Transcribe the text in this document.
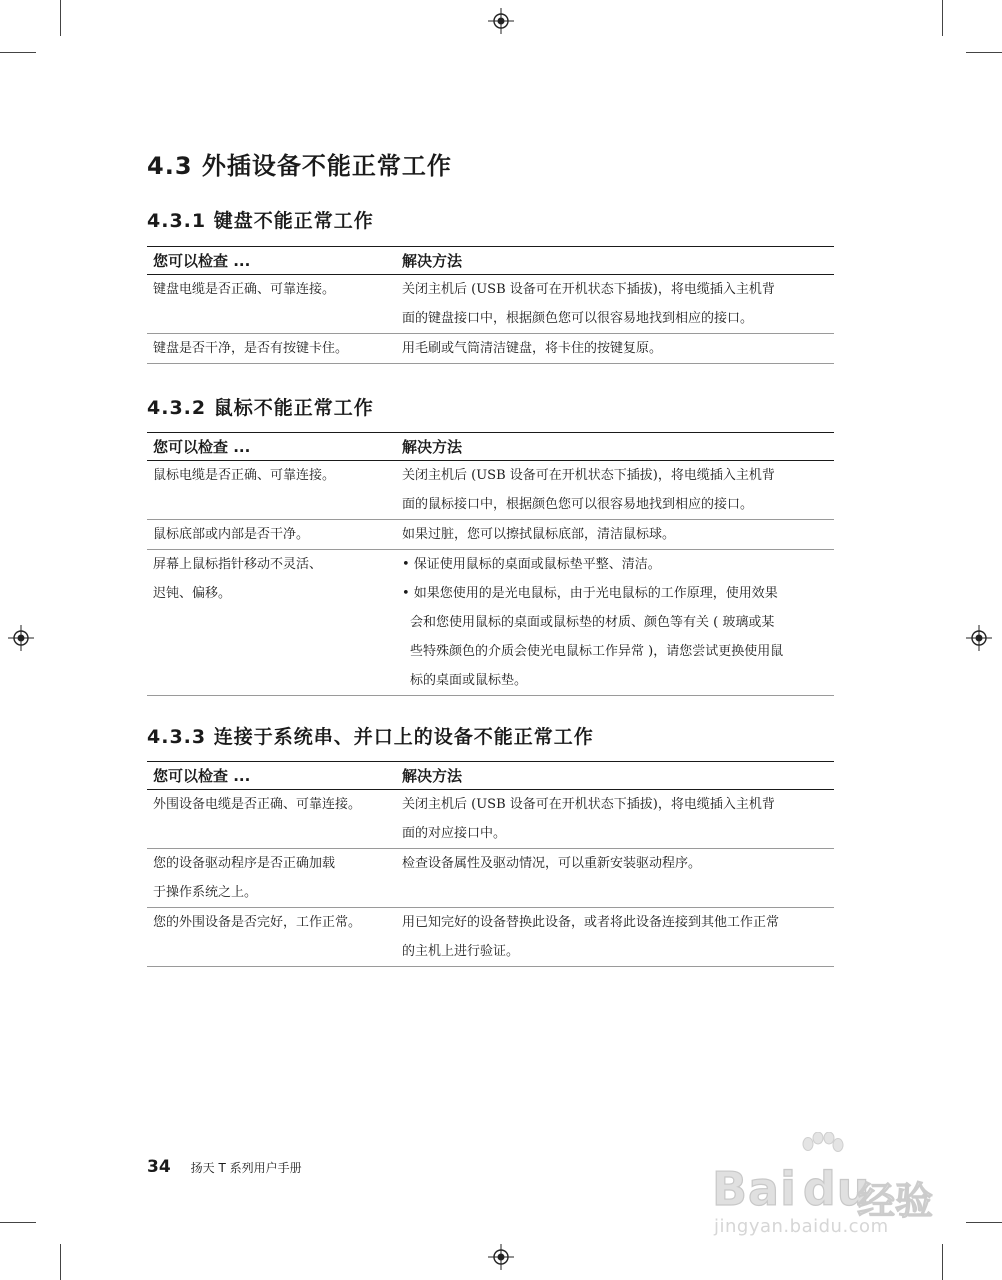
4.3 外插设备不能正常工作
4.3.1 键盘不能正常工作
您可以检查 ...	解决方法

键盘电缆是否正确、可靠连接。	关闭主机后 (USB 设备可在开机状态下插拔)，将电缆插入主机背
面的键盘接口中，根据颜色您可以很容易地找到相应的接口。

键盘是否干净，是否有按键卡住。	用毛刷或气筒清洁键盘，将卡住的按键复原。
4.3.2 鼠标不能正常工作
您可以检查 ...	解决方法

鼠标电缆是否正确、可靠连接。	关闭主机后 (USB 设备可在开机状态下插拔)，将电缆插入主机背
面的鼠标接口中，根据颜色您可以很容易地找到相应的接口。

鼠标底部或内部是否干净。	如果过脏，您可以擦拭鼠标底部，清洁鼠标球。

屏幕上鼠标指针移动不灵活、
迟钝、偏移。	• 保证使用鼠标的桌面或鼠标垫平整、清洁。
• 如果您使用的是光电鼠标，由于光电鼠标的工作原理，使用效果
会和您使用鼠标的桌面或鼠标垫的材质、颜色等有关 ( 玻璃或某
些特殊颜色的介质会使光电鼠标工作异常 )，请您尝试更换使用鼠
标的桌面或鼠标垫。
4.3.3 连接于系统串、并口上的设备不能正常工作
您可以检查 ...	解决方法

外围设备电缆是否正确、可靠连接。	关闭主机后 (USB 设备可在开机状态下插拔)，将电缆插入主机背
面的对应接口中。

您的设备驱动程序是否正确加载
于操作系统之上。	检查设备属性及驱动情况，可以重新安装驱动程序。

您的外围设备是否完好，工作正常。	用已知完好的设备替换此设备，或者将此设备连接到其他工作正常
的主机上进行验证。
34 扬天 T 系列用户手册	Bai du
经验
jingyan.baidu.com
